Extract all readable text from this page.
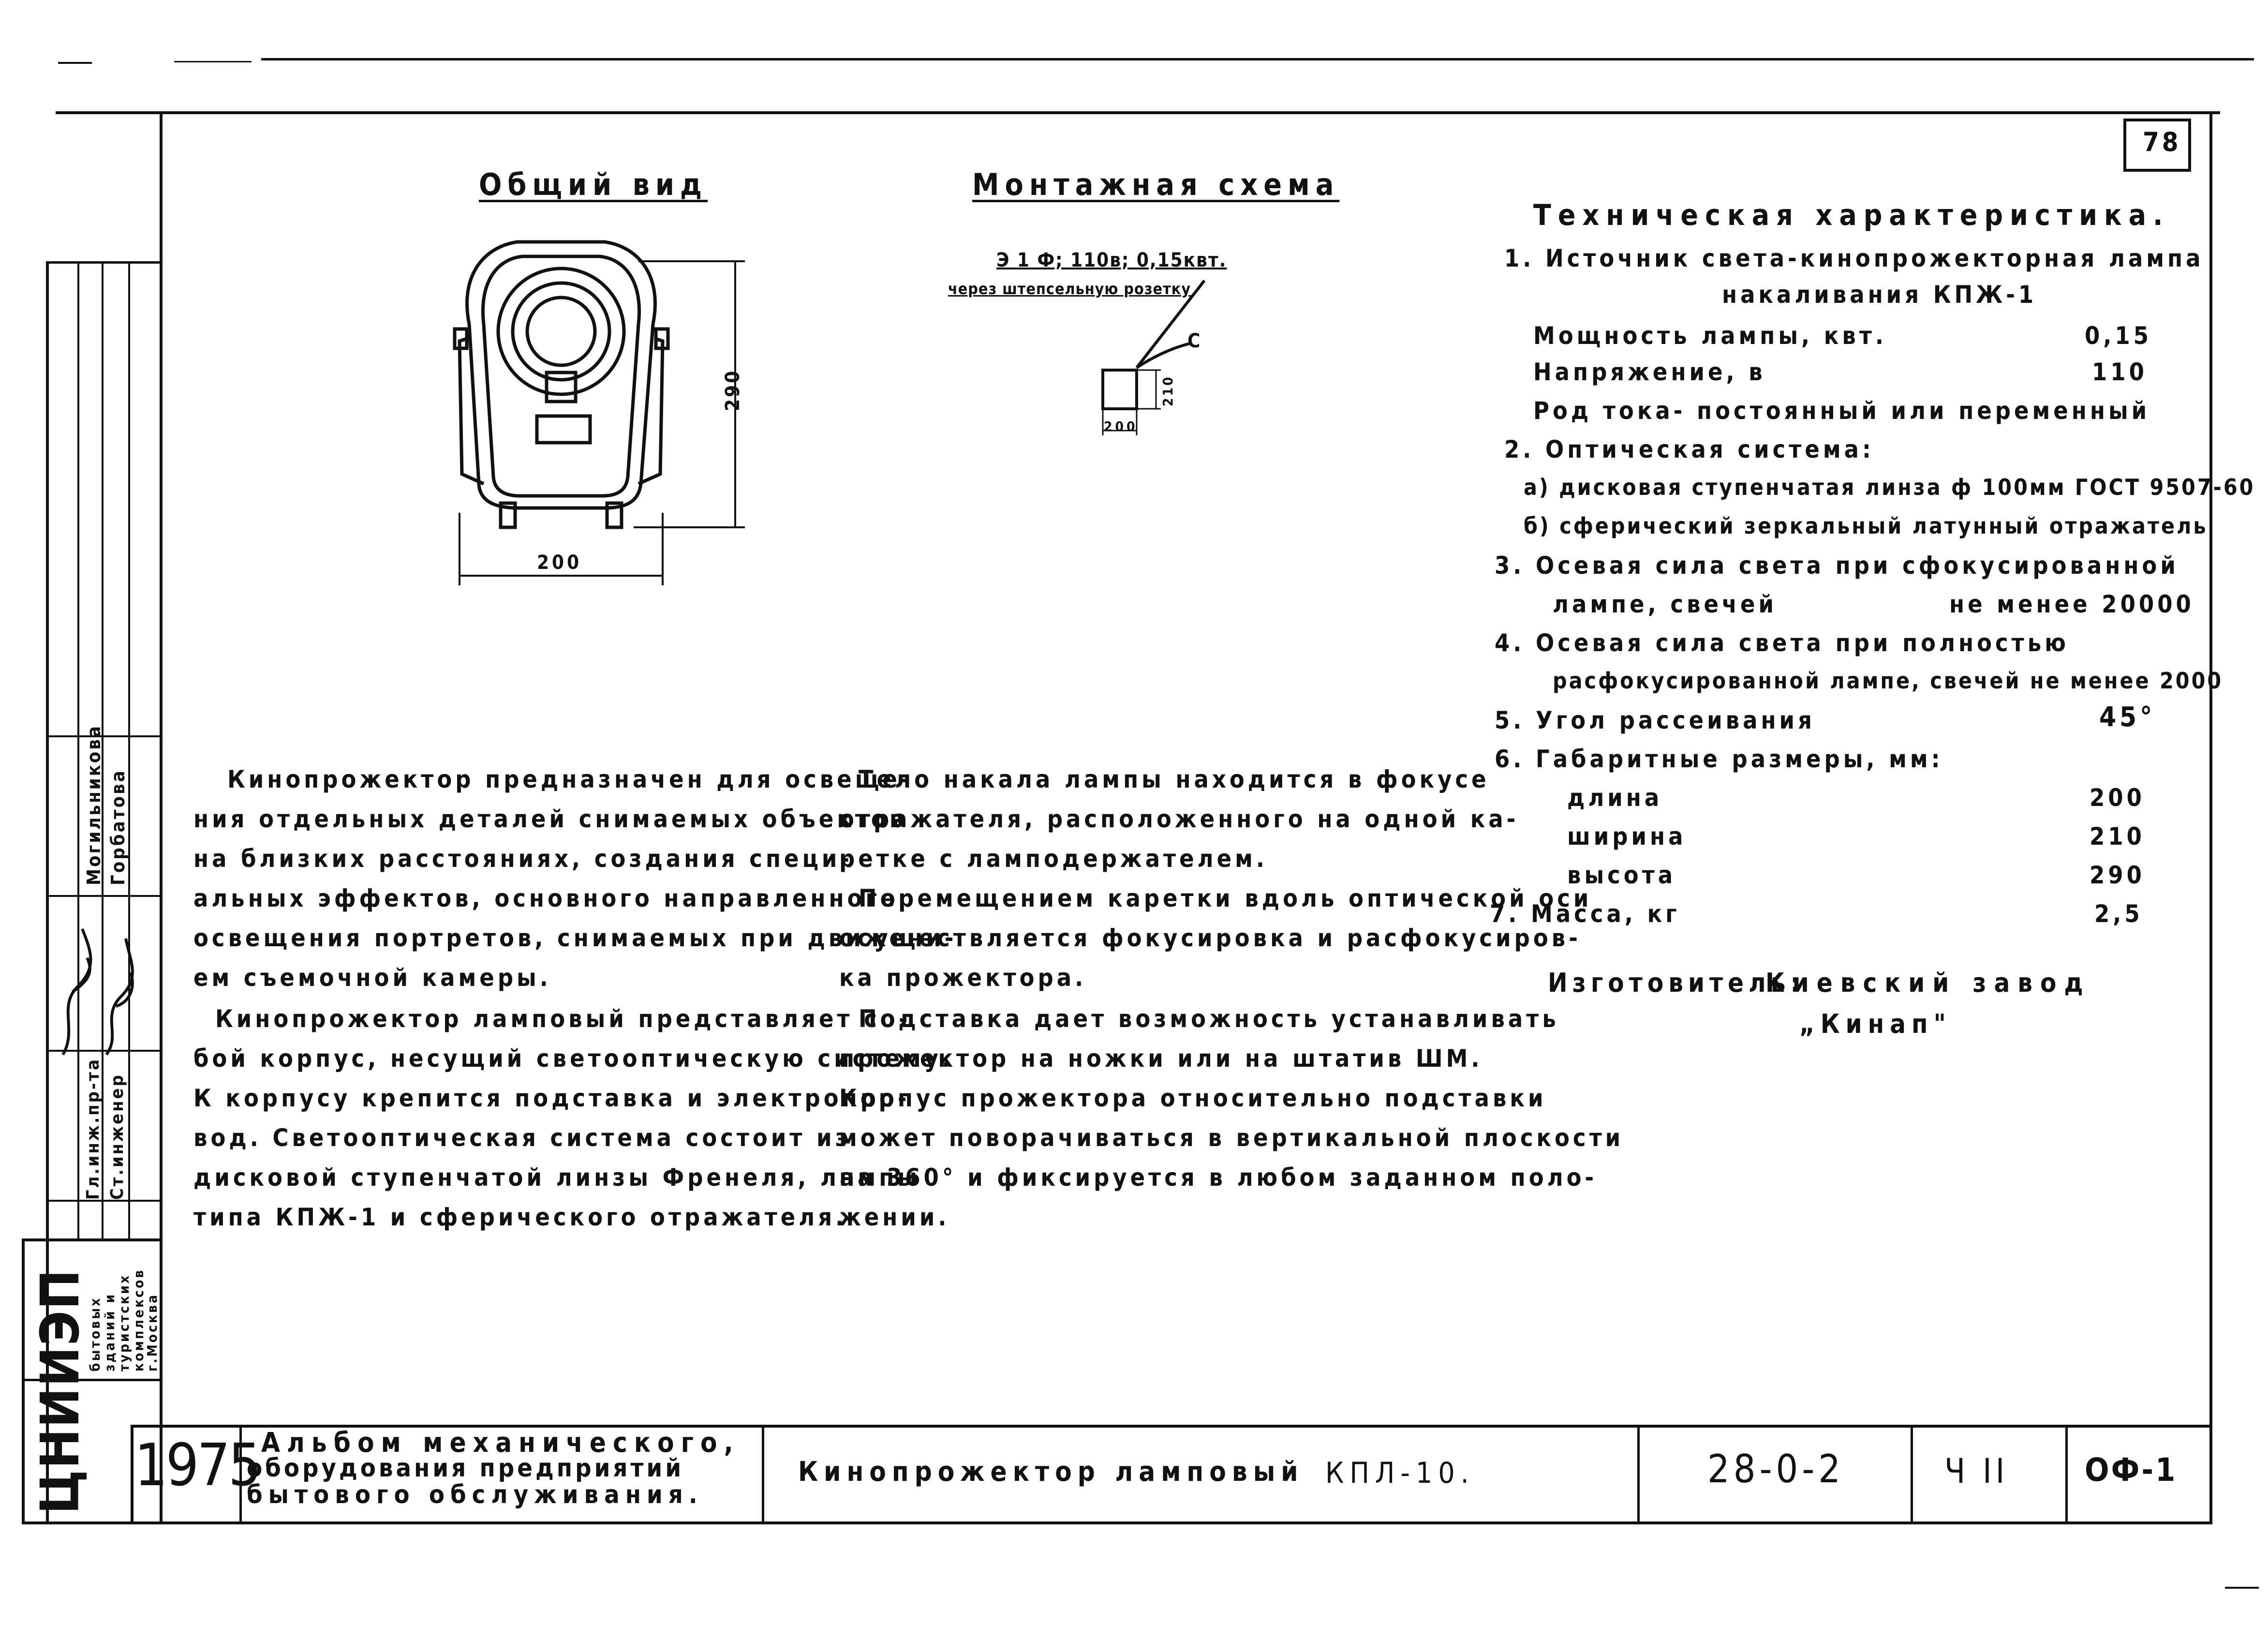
78
Могильникова Горбатова
Гл.инж.пр-та Ст.инженер
ЦНИИЭП
бытовых
зданий и
туристских
комплексов
г.Москва
1975 Альбом механического,
оборудования предприятий
бытового обслуживания.
Кинопрожектор ламповый КПЛ-10.	28-0-2	Ч II ОФ-1
Общий вид
290
200
Монтажная схема
Э 1 Ф; 110в; 0,15квт.
через штепсельную розетку
C
210
200
Техническая характеристика.
1. Источник света-кинопрожекторная лампа
накаливания КПЖ-1
Мощность лампы, квт.	0,15
Напряжение, в	110
Род тока- постоянный или переменный
2. Оптическая система:
а) дисковая ступенчатая линза ф 100мм ГОСТ 9507-60
б) сферический зеркальный латунный отражатель
3. Осевая сила света при сфокусированной
лампе, свечей	не менее 20000
4. Осевая сила света при полностью
расфокусированной лампе, свечей не менее 2000
5. Угол рассеивания	45°
6. Габаритные размеры, мм:
длина	200
ширина	210
высота	290
7. Масса, кг	2,5
Изготовитель:
Киевский завод
„Кинап"
Кинопрожектор предназначен для освеще-
ния отдельных деталей снимаемых объектов
на близких расстояниях, создания специ-
альных эффектов, основного направленного
освещения портретов, снимаемых при движени-
ем съемочной камеры.
Кинопрожектор ламповый представляет со-
бой корпус, несущий светооптическую систему.
К корпусу крепится подставка и электропро-
вод. Светооптическая система состоит из
дисковой ступенчатой линзы Френеля, лампы
типа КПЖ-1 и сферического отражателя.
Тело накала лампы находится в фокусе
отражателя, расположенного на одной ка-
ретке с ламподержателем.
Перемещением каретки вдоль оптической оси
осуществляется фокусировка и расфокусиров-
ка прожектора.
Подставка дает возможность устанавливать
прожектор на ножки или на штатив ШМ.
Корпус прожектора относительно подставки
может поворачиваться в вертикальной плоскости
на 360° и фиксируется в любом заданном поло-
жении.
